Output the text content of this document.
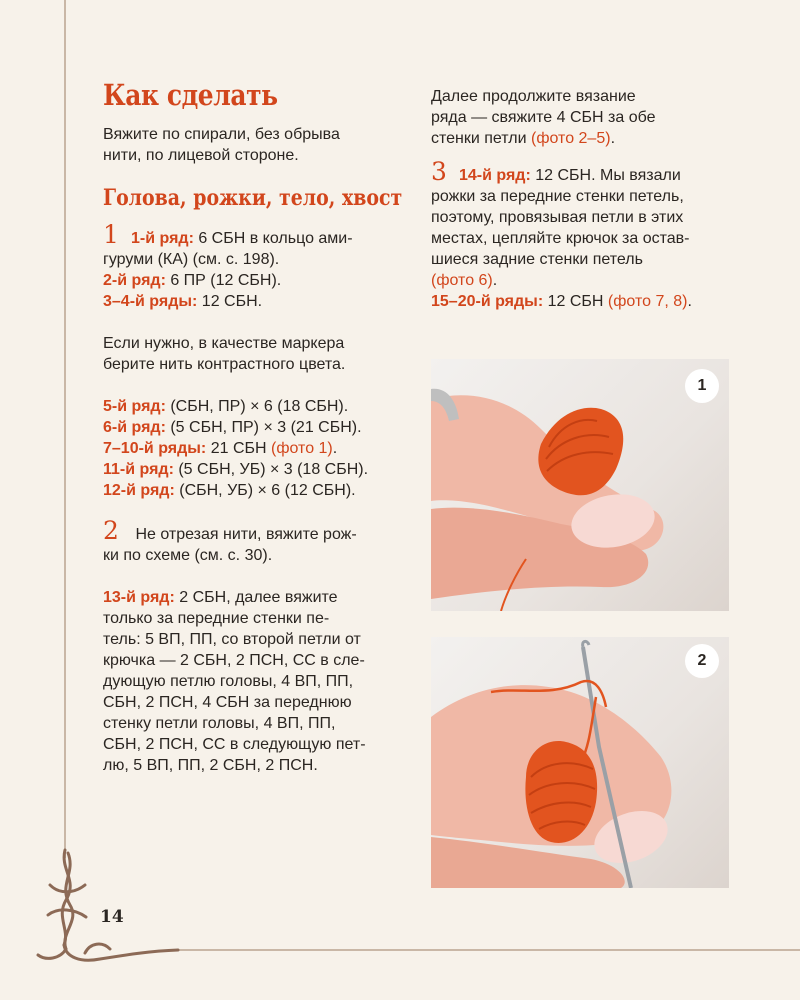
14
Как сделать

Вяжите по спирали, без обрыва

нити, по лицевой стороне.

Голова, рожки, тело, хвост

1 1-й ряд: 6 СБН в кольцо ами-

гуруми (КА) (см. с. 198).

2-й ряд: 6 ПР (12 СБН).

3–4-й ряды: 12 СБН.

Если нужно, в качестве маркера

берите нить контрастного цвета.

5-й ряд: (СБН, ПР) × 6 (18 СБН).

6-й ряд: (5 СБН, ПР) × 3 (21 СБН).

7–10-й ряды: 21 СБН (фото 1).

11-й ряд: (5 СБН, УБ) × 3 (18 СБН).

12-й ряд: (СБН, УБ) × 6 (12 СБН).

2 Не отрезая нити, вяжите рож-

ки по схеме (см. с. 30).

13-й ряд: 2 СБН, далее вяжите

только за передние стенки пе-

тель: 5 ВП, ПП, со второй петли от

крючка — 2 СБН, 2 ПСН, СС в сле-

дующую петлю головы, 4 ВП, ПП,

СБН, 2 ПСН, 4 СБН за переднюю

стенку петли головы, 4 ВП, ПП,

СБН, 2 ПСН, СС в следующую пет-

лю, 5 ВП, ПП, 2 СБН, 2 ПСН.

Далее продолжите вязание

ряда — свяжите 4 СБН за обе

стенки петли (фото 2–5).

3 14-й ряд: 12 СБН. Мы вязали

рожки за передние стенки петель,

поэтому, провязывая петли в этих

местах, цепляйте крючок за остав-

шиеся задние стенки петель

(фото 6).

15–20-й ряды: 12 СБН (фото 7, 8).

1
2
